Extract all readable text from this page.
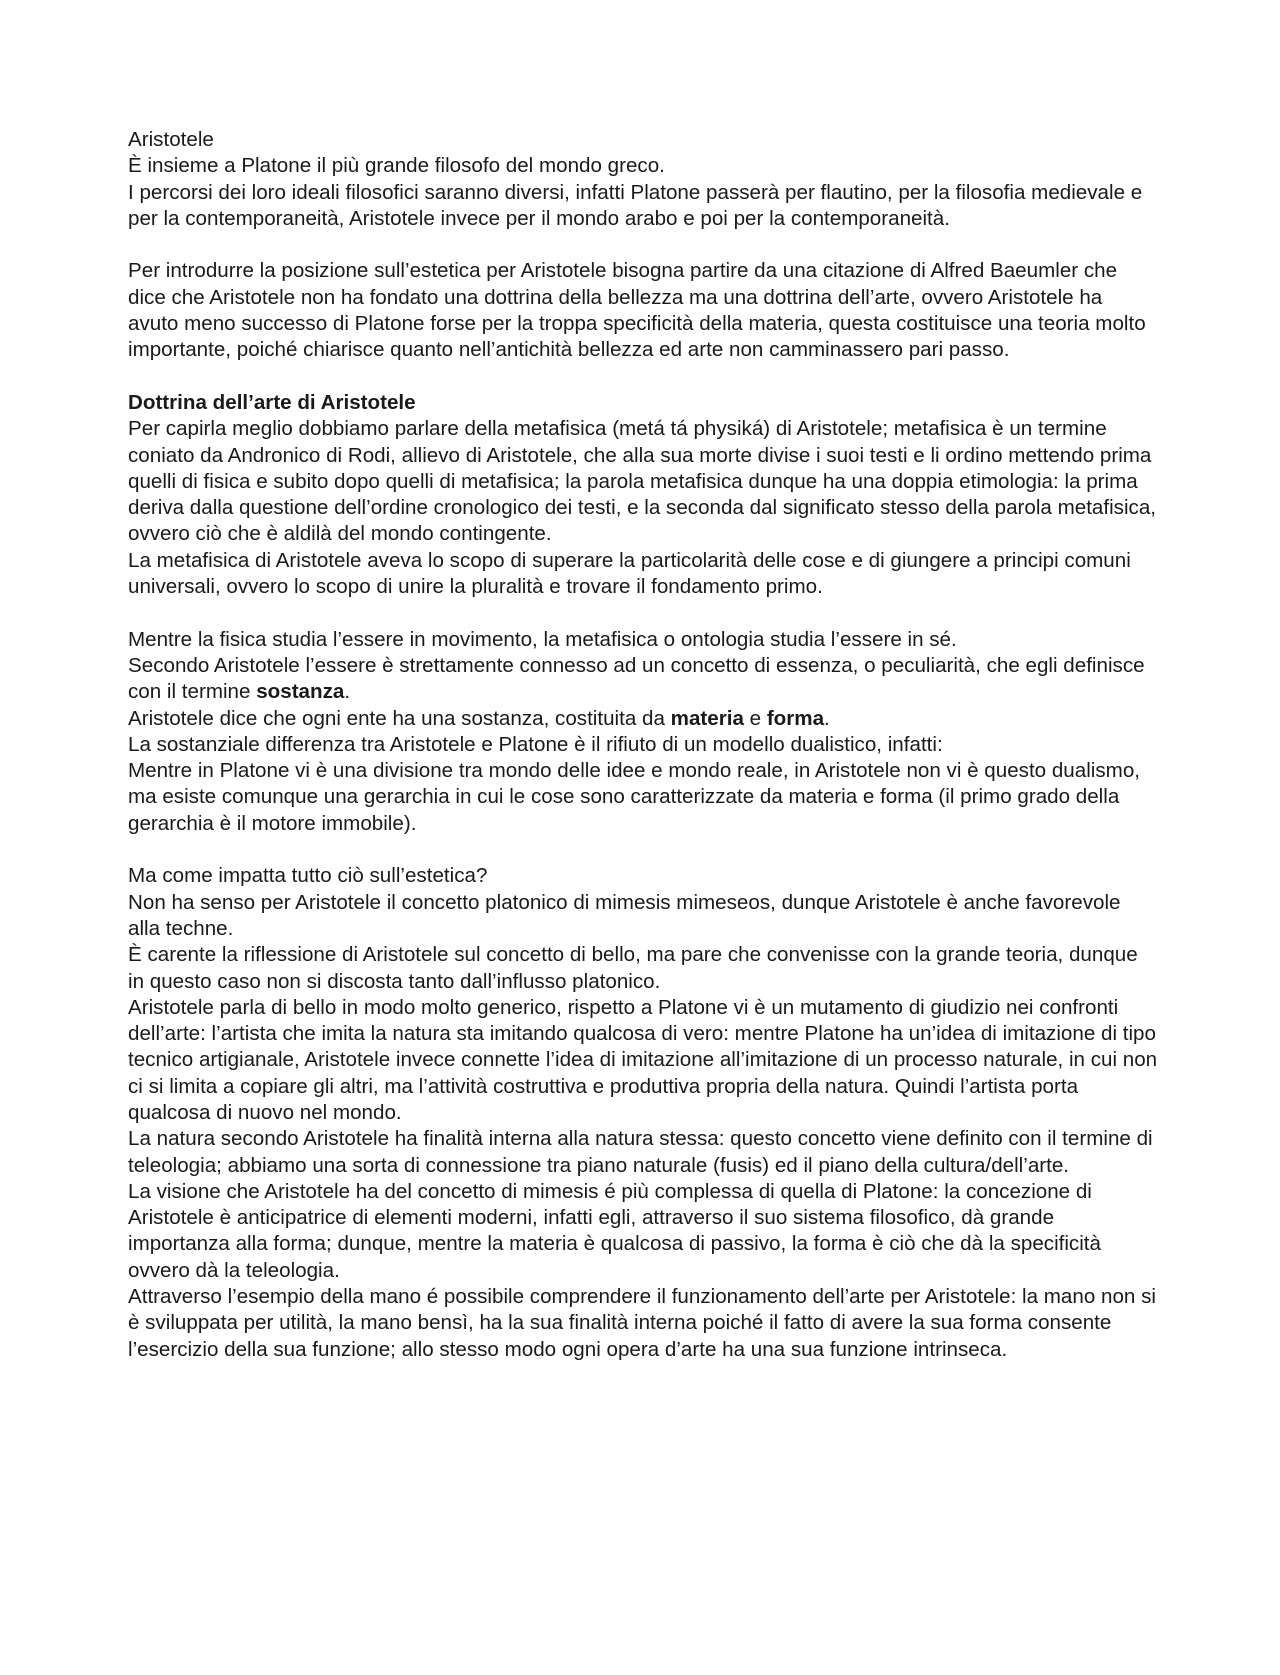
Aristotele

È insieme a Platone il più grande filosofo del mondo greco.

I percorsi dei loro ideali filosofici saranno diversi, infatti Platone passerà per flautino, per la filosofia medievale e per la contemporaneità, Aristotele invece per il mondo arabo e poi per la contemporaneità.

Per introdurre la posizione sull’estetica per Aristotele bisogna partire da una citazione di Alfred Baeumler che dice che Aristotele non ha fondato una dottrina della bellezza ma una dottrina dell’arte, ovvero Aristotele ha avuto meno successo di Platone forse per la troppa specificità della materia, questa costituisce una teoria molto importante, poiché chiarisce quanto nell’antichità bellezza ed arte non camminassero pari passo.

Dottrina dell’arte di Aristotele

Per capirla meglio dobbiamo parlare della metafisica (metá tá physiká) di Aristotele; metafisica è un termine coniato da Andronico di Rodi, allievo di Aristotele, che alla sua morte divise i suoi testi e li ordino mettendo prima quelli di fisica e subito dopo quelli di metafisica; la parola metafisica dunque ha una doppia etimologia: la prima deriva dalla questione dell’ordine cronologico dei testi, e la seconda dal significato stesso della parola metafisica, ovvero ciò che è aldilà del mondo contingente.

La metafisica di Aristotele aveva lo scopo di superare la particolarità delle cose e di giungere a principi comuni universali, ovvero lo scopo di unire la pluralità e trovare il fondamento primo.

Mentre la fisica studia l’essere in movimento, la metafisica o ontologia studia l’essere in sé.

Secondo Aristotele l’essere è strettamente connesso ad un concetto di essenza, o peculiarità, che egli definisce con il termine sostanza.

Aristotele dice che ogni ente ha una sostanza, costituita da materia e forma.

La sostanziale differenza tra Aristotele e Platone è il rifiuto di un modello dualistico, infatti:

Mentre in Platone vi è una divisione tra mondo delle idee e mondo reale, in Aristotele non vi è questo dualismo, ma esiste comunque una gerarchia in cui le cose sono caratterizzate da materia e forma (il primo grado della gerarchia è il motore immobile).

Ma come impatta tutto ciò sull’estetica?

Non ha senso per Aristotele il concetto platonico di mimesis mimeseos, dunque Aristotele è anche favorevole alla techne.

È carente la riflessione di Aristotele sul concetto di bello, ma pare che convenisse con la grande teoria, dunque in questo caso non si discosta tanto dall’influsso platonico.

Aristotele parla di bello in modo molto generico, rispetto a Platone vi è un mutamento di giudizio nei confronti dell’arte: l’artista che imita la natura sta imitando qualcosa di vero: mentre Platone ha un’idea di imitazione di tipo tecnico artigianale, Aristotele invece connette l’idea di imitazione all’imitazione di un processo naturale, in cui non ci si limita a copiare gli altri, ma l’attività costruttiva e produttiva propria della natura. Quindi l’artista porta qualcosa di nuovo nel mondo.

La natura secondo Aristotele ha finalità interna alla natura stessa: questo concetto viene definito con il termine di teleologia; abbiamo una sorta di connessione tra piano naturale (fusis) ed il piano della cultura/dell’arte.

La visione che Aristotele ha del concetto di mimesis é più complessa di quella di Platone: la concezione di Aristotele è anticipatrice di elementi moderni, infatti egli, attraverso il suo sistema filosofico, dà grande importanza alla forma; dunque, mentre la materia è qualcosa di passivo, la forma è ciò che dà la specificità ovvero dà la teleologia.

Attraverso l’esempio della mano é possibile comprendere il funzionamento dell’arte per Aristotele: la mano non si è sviluppata per utilità, la mano bensì, ha la sua finalità interna poiché il fatto di avere la sua forma consente l’esercizio della sua funzione; allo stesso modo ogni opera d’arte ha una sua funzione intrinseca.
